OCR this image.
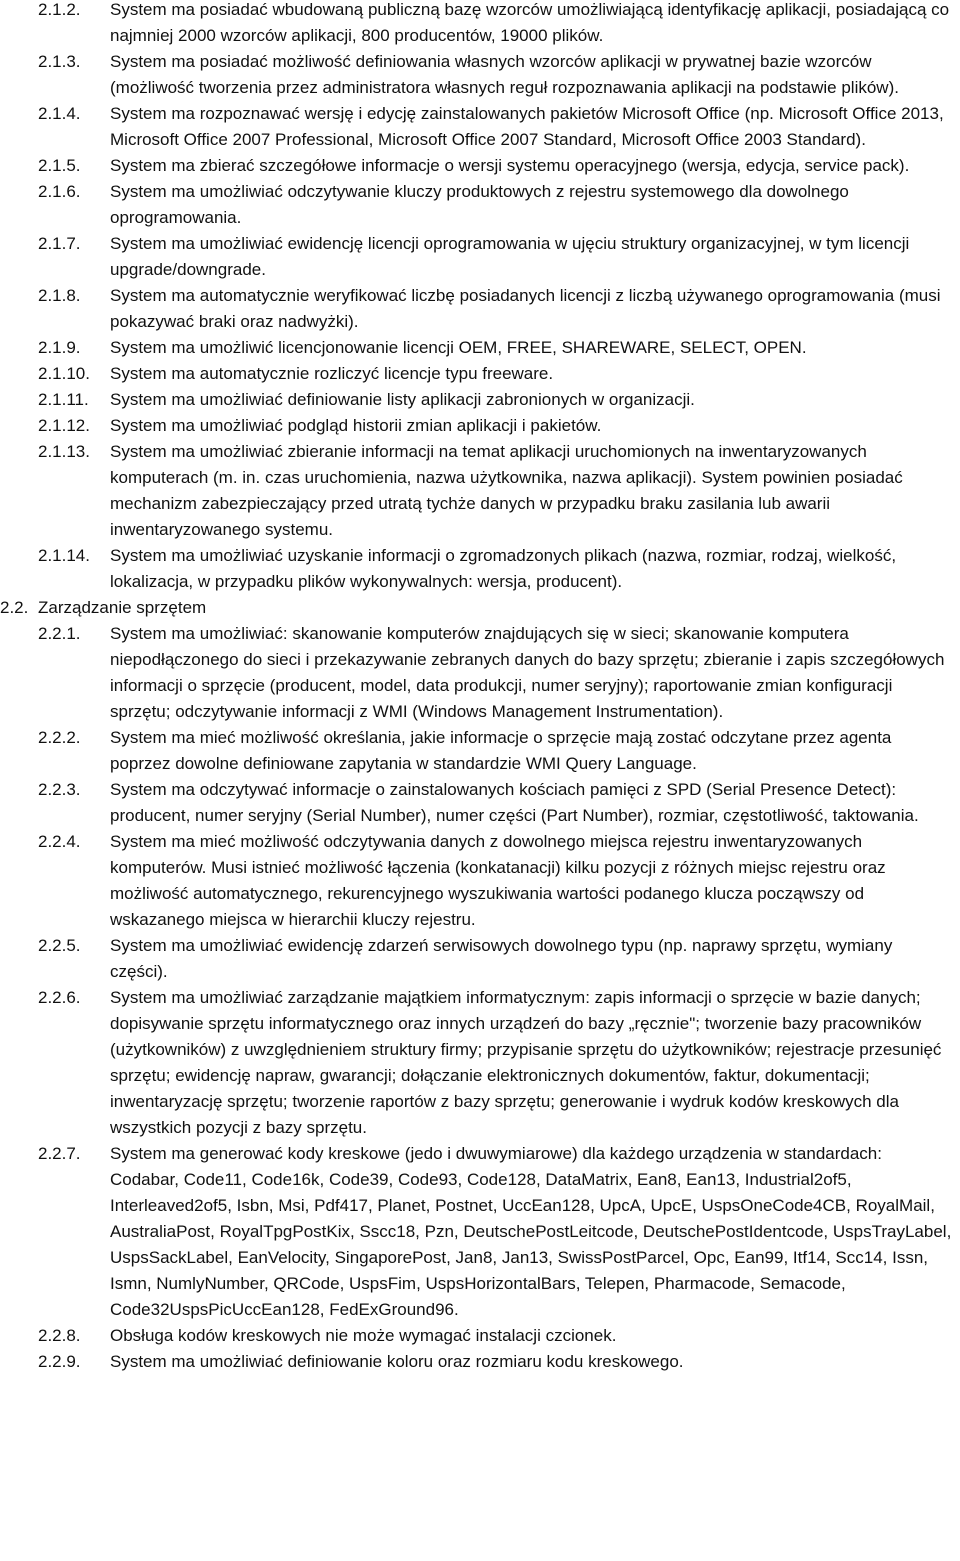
2.1.2.	System ma posiadać wbudowaną publiczną bazę wzorców umożliwiającą identyfikację aplikacji, posiadającą co najmniej 2000 wzorców aplikacji, 800 producentów, 19000 plików.
2.1.3.	System ma posiadać możliwość definiowania własnych wzorców aplikacji w prywatnej bazie wzorców (możliwość tworzenia przez administratora własnych reguł rozpoznawania aplikacji na podstawie plików).
2.1.4.	System ma rozpoznawać wersję i edycję zainstalowanych pakietów Microsoft Office (np. Microsoft Office 2013, Microsoft Office 2007 Professional, Microsoft Office 2007 Standard, Microsoft Office 2003 Standard).
2.1.5.	System ma zbierać szczegółowe informacje o wersji systemu operacyjnego (wersja, edycja, service pack).
2.1.6.	System ma umożliwiać odczytywanie kluczy produktowych z rejestru systemowego dla dowolnego oprogramowania.
2.1.7.	System ma umożliwiać ewidencję licencji oprogramowania w ujęciu struktury organizacyjnej, w tym licencji upgrade/downgrade.
2.1.8.	System ma automatycznie weryfikować liczbę posiadanych licencji z liczbą używanego oprogramowania (musi pokazywać braki oraz nadwyżki).
2.1.9.	System ma umożliwić licencjonowanie licencji OEM, FREE, SHAREWARE, SELECT, OPEN.
2.1.10.	System ma automatycznie rozliczyć licencje typu freeware.
2.1.11.	System ma umożliwiać definiowanie listy aplikacji zabronionych w organizacji.
2.1.12.	System ma umożliwiać podgląd historii zmian aplikacji i pakietów.
2.1.13.	System ma umożliwiać zbieranie informacji na temat aplikacji uruchomionych na inwentaryzowanych komputerach (m. in. czas uruchomienia, nazwa użytkownika, nazwa aplikacji). System powinien posiadać mechanizm zabezpieczający przed utratą tychże danych w przypadku braku zasilania lub awarii inwentaryzowanego systemu.
2.1.14.	System ma umożliwiać uzyskanie informacji o zgromadzonych plikach (nazwa, rozmiar, rodzaj, wielkość, lokalizacja, w przypadku plików wykonywalnych: wersja, producent).
2.2. Zarządzanie sprzętem
2.2.1.	System ma umożliwiać: skanowanie komputerów znajdujących się w sieci; skanowanie komputera niepodłączonego do sieci i przekazywanie zebranych danych do bazy sprzętu; zbieranie i zapis szczegółowych informacji o sprzęcie (producent, model, data produkcji, numer seryjny); raportowanie zmian konfiguracji sprzętu; odczytywanie informacji z WMI (Windows Management Instrumentation).
2.2.2.	System ma mieć możliwość określania, jakie informacje o sprzęcie mają zostać odczytane przez agenta poprzez dowolne definiowane zapytania w standardzie WMI Query Language.
2.2.3.	System ma odczytywać informacje o zainstalowanych kościach pamięci z SPD (Serial Presence Detect): producent, numer seryjny (Serial Number), numer części (Part Number), rozmiar, częstotliwość, taktowania.
2.2.4.	System ma mieć możliwość odczytywania danych z dowolnego miejsca rejestru inwentaryzowanych komputerów. Musi istnieć możliwość łączenia (konkatanacji) kilku pozycji z różnych miejsc rejestru oraz możliwość automatycznego, rekurencyjnego wyszukiwania wartości podanego klucza począwszy od wskazanego miejsca w hierarchii kluczy rejestru.
2.2.5.	System ma umożliwiać ewidencję zdarzeń serwisowych dowolnego typu (np. naprawy sprzętu, wymiany części).
2.2.6.	System ma umożliwiać zarządzanie majątkiem informatycznym: zapis informacji o sprzęcie w bazie danych; dopisywanie sprzętu informatycznego oraz innych urządzeń do bazy „ręcznie"; tworzenie bazy pracowników (użytkowników) z uwzględnieniem struktury firmy; przypisanie sprzętu do użytkowników; rejestracje przesunięć sprzętu; ewidencję napraw, gwarancji; dołączanie elektronicznych dokumentów, faktur, dokumentacji; inwentaryzację sprzętu; tworzenie raportów z bazy sprzętu; generowanie i wydruk kodów kreskowych dla wszystkich pozycji z bazy sprzętu.
2.2.7.	System ma generować kody kreskowe (jedo i dwuwymiarowe) dla każdego urządzenia w standardach: Codabar, Code11, Code16k, Code39, Code93, Code128, DataMatrix, Ean8, Ean13, Industrial2of5, Interleaved2of5, Isbn, Msi, Pdf417, Planet, Postnet, UccEan128, UpcA, UpcE, UspsOneCode4CB, RoyalMail, AustraliaPost, RoyalTpgPostKix, Sscc18, Pzn, DeutschePostLeitcode, DeutschePostIdentcode, UspsTrayLabel, UspsSackLabel, EanVelocity, SingaporePost, Jan8, Jan13, SwissPostParcel, Opc, Ean99, Itf14, Scc14, Issn, Ismn, NumlyNumber, QRCode, UspsFim, UspsHorizontalBars, Telepen, Pharmacode, Semacode, Code32UspsPicUccEan128, FedExGround96.
2.2.8.	Obsługa kodów kreskowych nie może wymagać instalacji czcionek.
2.2.9.	System ma umożliwiać definiowanie koloru oraz rozmiaru kodu kreskowego.
